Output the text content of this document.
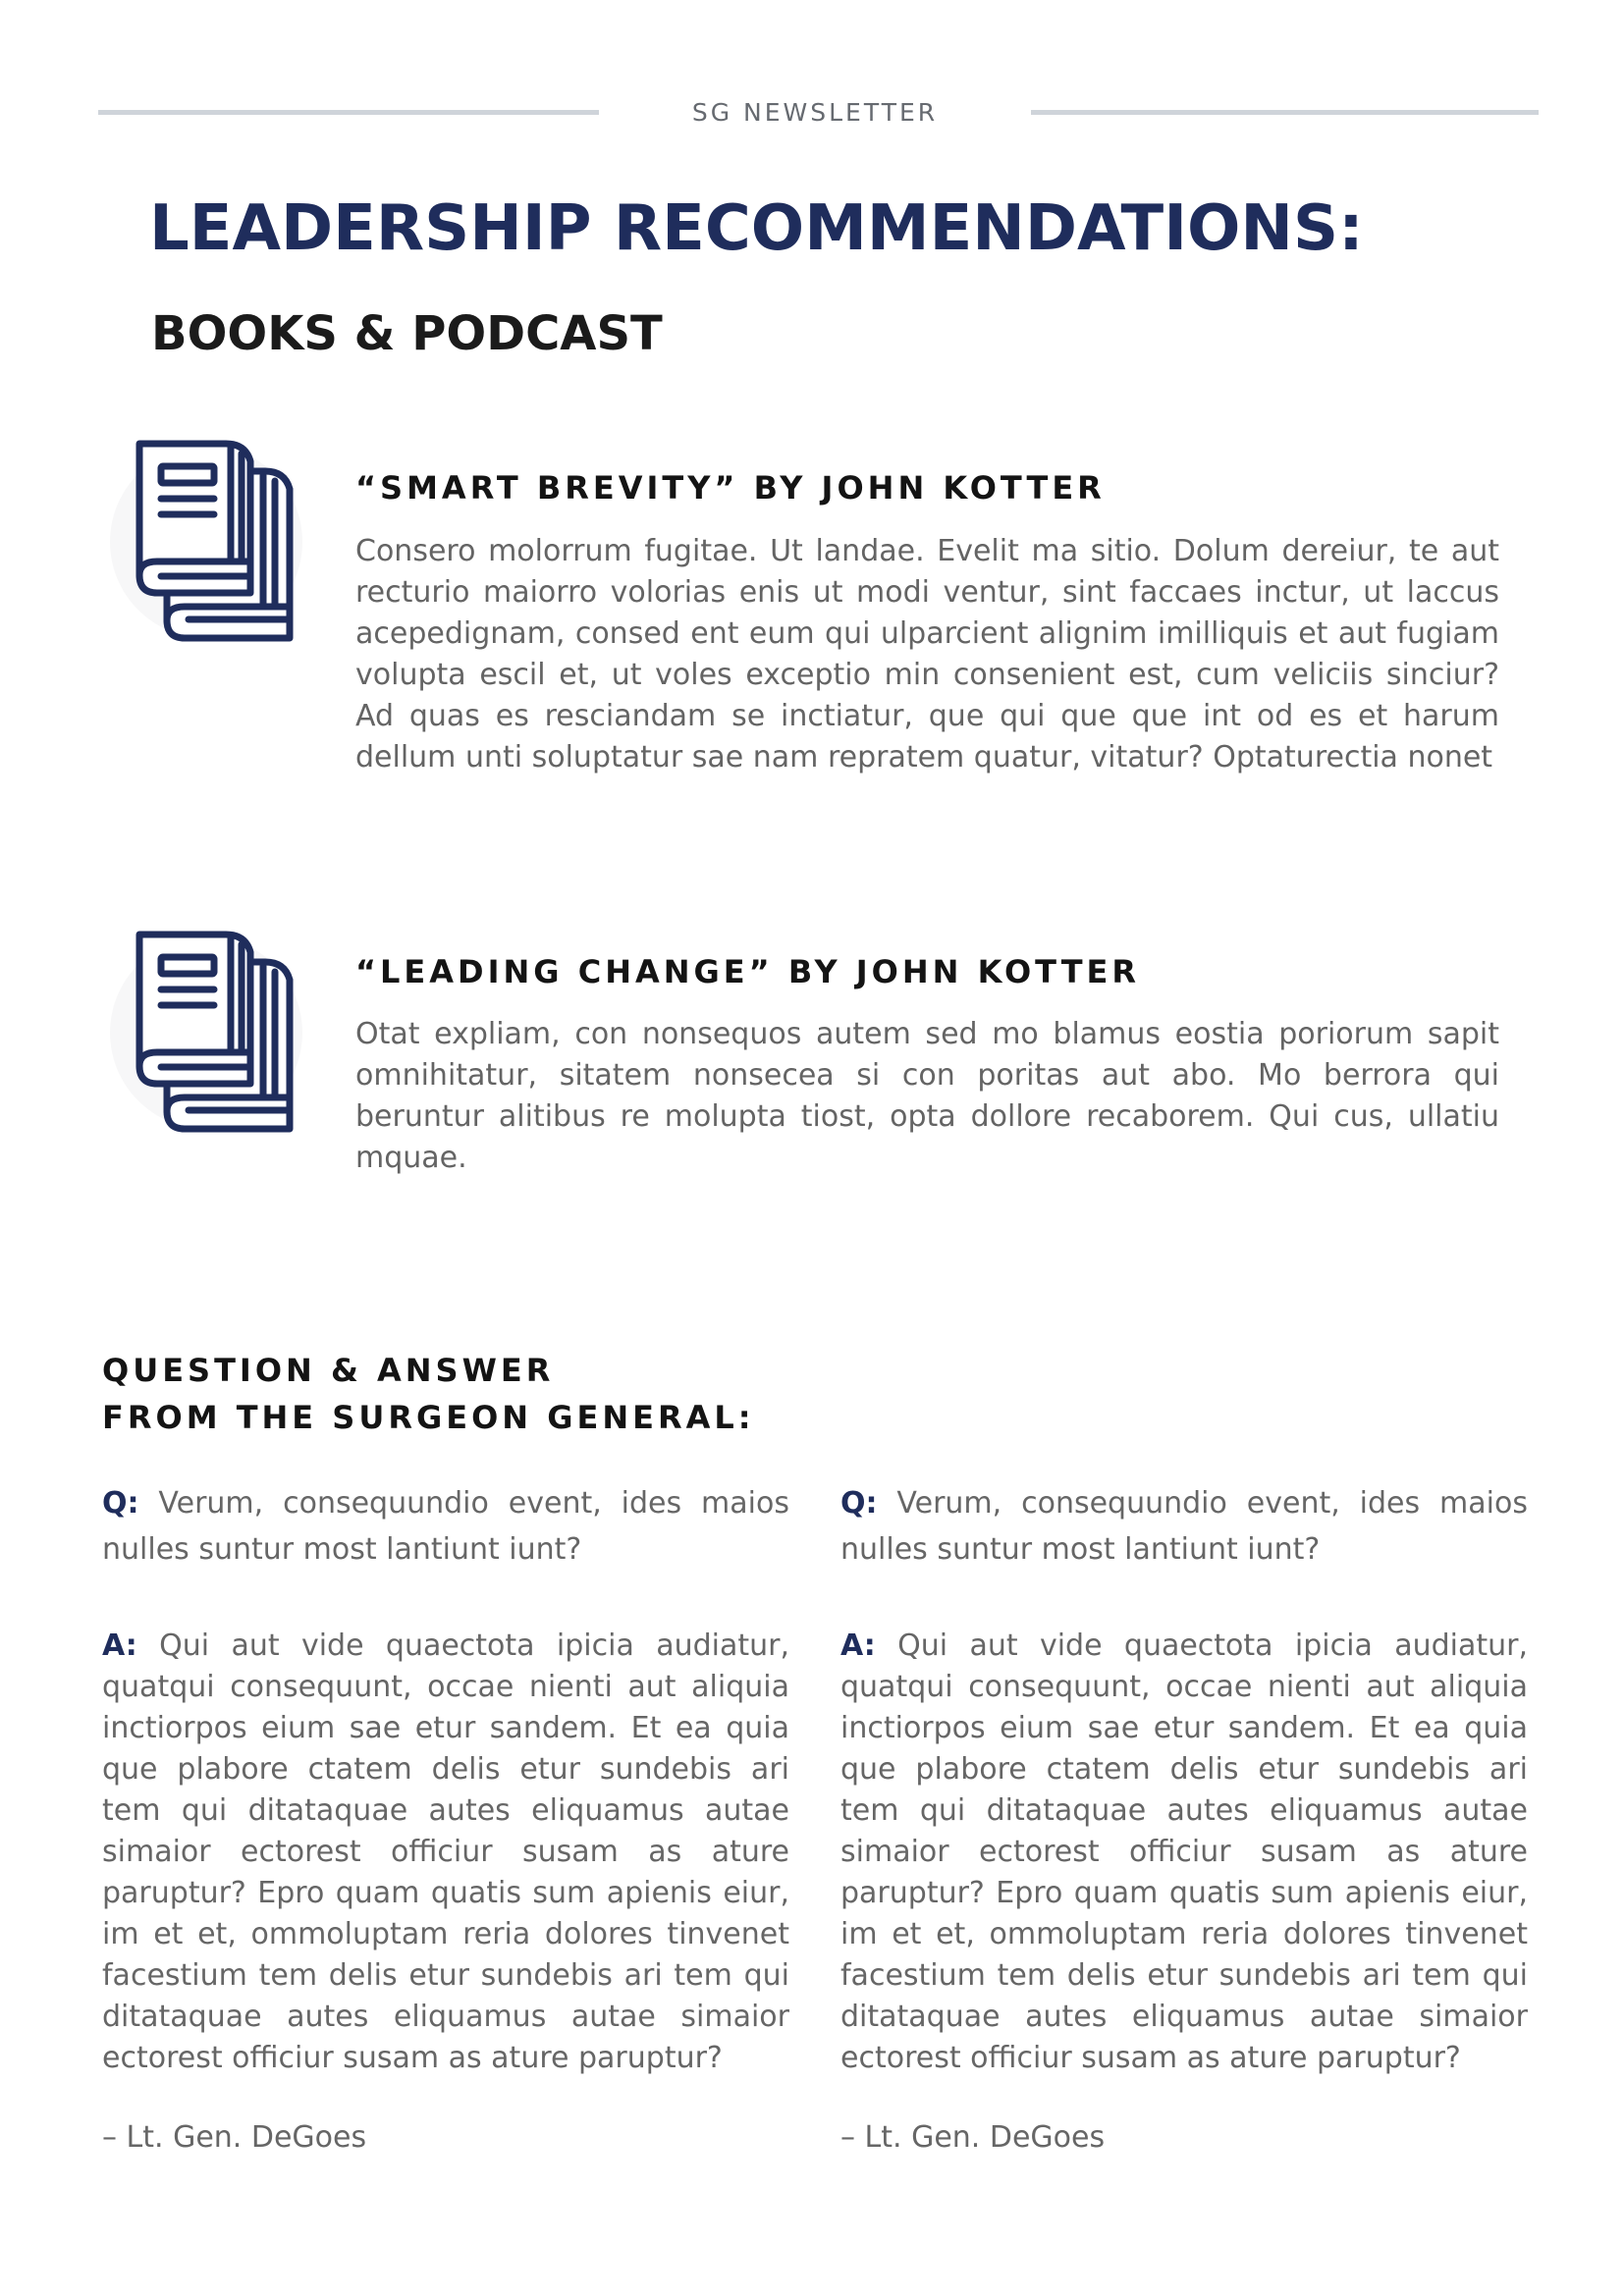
SG NEWSLETTER
LEADERSHIP RECOMMENDATIONS:
BOOKS & PODCAST
“SMART BREVITY” BY JOHN KOTTER

Consero molorrum fugitae. Ut landae. Evelit ma sitio. Dolum dereiur, te aut recturio maiorro volorias enis ut modi ventur, sint faccaes inctur, ut laccus acepedignam, consed ent eum qui ulparcient alignim imilliquis et aut fugiam volupta escil et, ut voles exceptio min consenient est, cum veliciis sinciur? Ad quas es resciandam se inctiatur, que qui que que int od es et harum dellum unti soluptatur sae nam repratem quatur, vitatur? Optaturectia nonet

“LEADING CHANGE” BY JOHN KOTTER

Otat expliam, con nonsequos autem sed mo blamus eostia poriorum sapit omnihitatur, sitatem nonsecea si con poritas aut abo. Mo berrora qui beruntur alitibus re molupta tiost, opta dollore recaborem. Qui cus, ullatiu mquae.

QUESTION & ANSWER
FROM THE SURGEON GENERAL:

Q: Verum, consequundio event, ides maios nulles suntur most lantiunt iunt?

A: Qui aut vide quaectota ipicia audiatur, quatqui consequunt, occae nienti aut aliquia inctiorpos eium sae etur sandem. Et ea quia que plabore ctatem delis etur sundebis ari tem qui ditataquae autes eliquamus autae simaior ectorest officiur susam as ature paruptur? Epro quam quatis sum apienis eiur, im et et, ommoluptam reria dolores tinvenet facestium tem delis etur sundebis ari tem qui ditataquae autes eliquamus autae simaior ectorest officiur susam as ature paruptur?

– Lt. Gen. DeGoes

Q: Verum, consequundio event, ides maios nulles suntur most lantiunt iunt?

A: Qui aut vide quaectota ipicia audiatur, quatqui consequunt, occae nienti aut aliquia inctiorpos eium sae etur sandem. Et ea quia que plabore ctatem delis etur sundebis ari tem qui ditataquae autes eliquamus autae simaior ectorest officiur susam as ature paruptur? Epro quam quatis sum apienis eiur, im et et, ommoluptam reria dolores tinvenet facestium tem delis etur sundebis ari tem qui ditataquae autes eliquamus autae simaior ectorest officiur susam as ature paruptur?

– Lt. Gen. DeGoes
